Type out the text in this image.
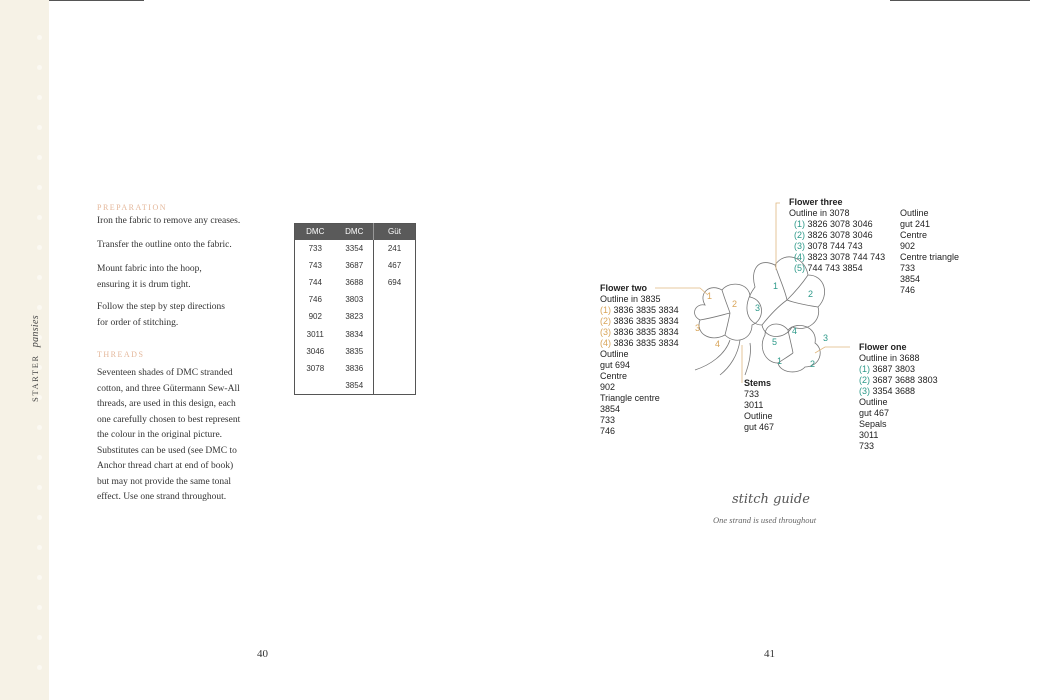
STARTERpansies
PREPARATION
Iron the fabric to remove any creases.
Transfer the outline onto the fabric.
Mount fabric into the hoop,
ensuring it is drum tight.
Follow the step by step directions
for order of stitching.
THREADS
Seventeen shades of DMC stranded
cotton, and three Gütermann Sew-All
threads, are used in this design, each
one carefully chosen to best represent
the colour in the original picture.
Substitutes can be used (see DMC to
Anchor thread chart at end of book)
but may not provide the same tonal
effect. Use one strand throughout.
DMC	DMC	Güt
733	3354	241
743	3687	467
744	3688	694
746	3803	
902	3823	
3011	3834	
3046	3835	
3078	3836	
	3854	
40
1
2
3
4
5
1
2
3
4
1	2
3
Flower three
Outline in 3078
(1) 3826 3078 3046
(2) 3826 3078 3046
(3) 3078 744 743
(4) 3823 3078 744 743
(5) 744 743 3854
Outline
gut 241
Centre
902
Centre triangle
733
3854
746
Flower two
Outline in 3835
(1) 3836 3835 3834
(2) 3836 3835 3834
(3) 3836 3835 3834
(4) 3836 3835 3834
Outline
gut 694
Centre
902
Triangle centre
3854
733
746
Stems
733
3011
Outline
gut 467
Flower one
Outline in 3688
(1) 3687 3803
(2) 3687 3688 3803
(3) 3354 3688
Outline
gut 467
Sepals
3011
733
stitch guide
One strand is used throughout
41
